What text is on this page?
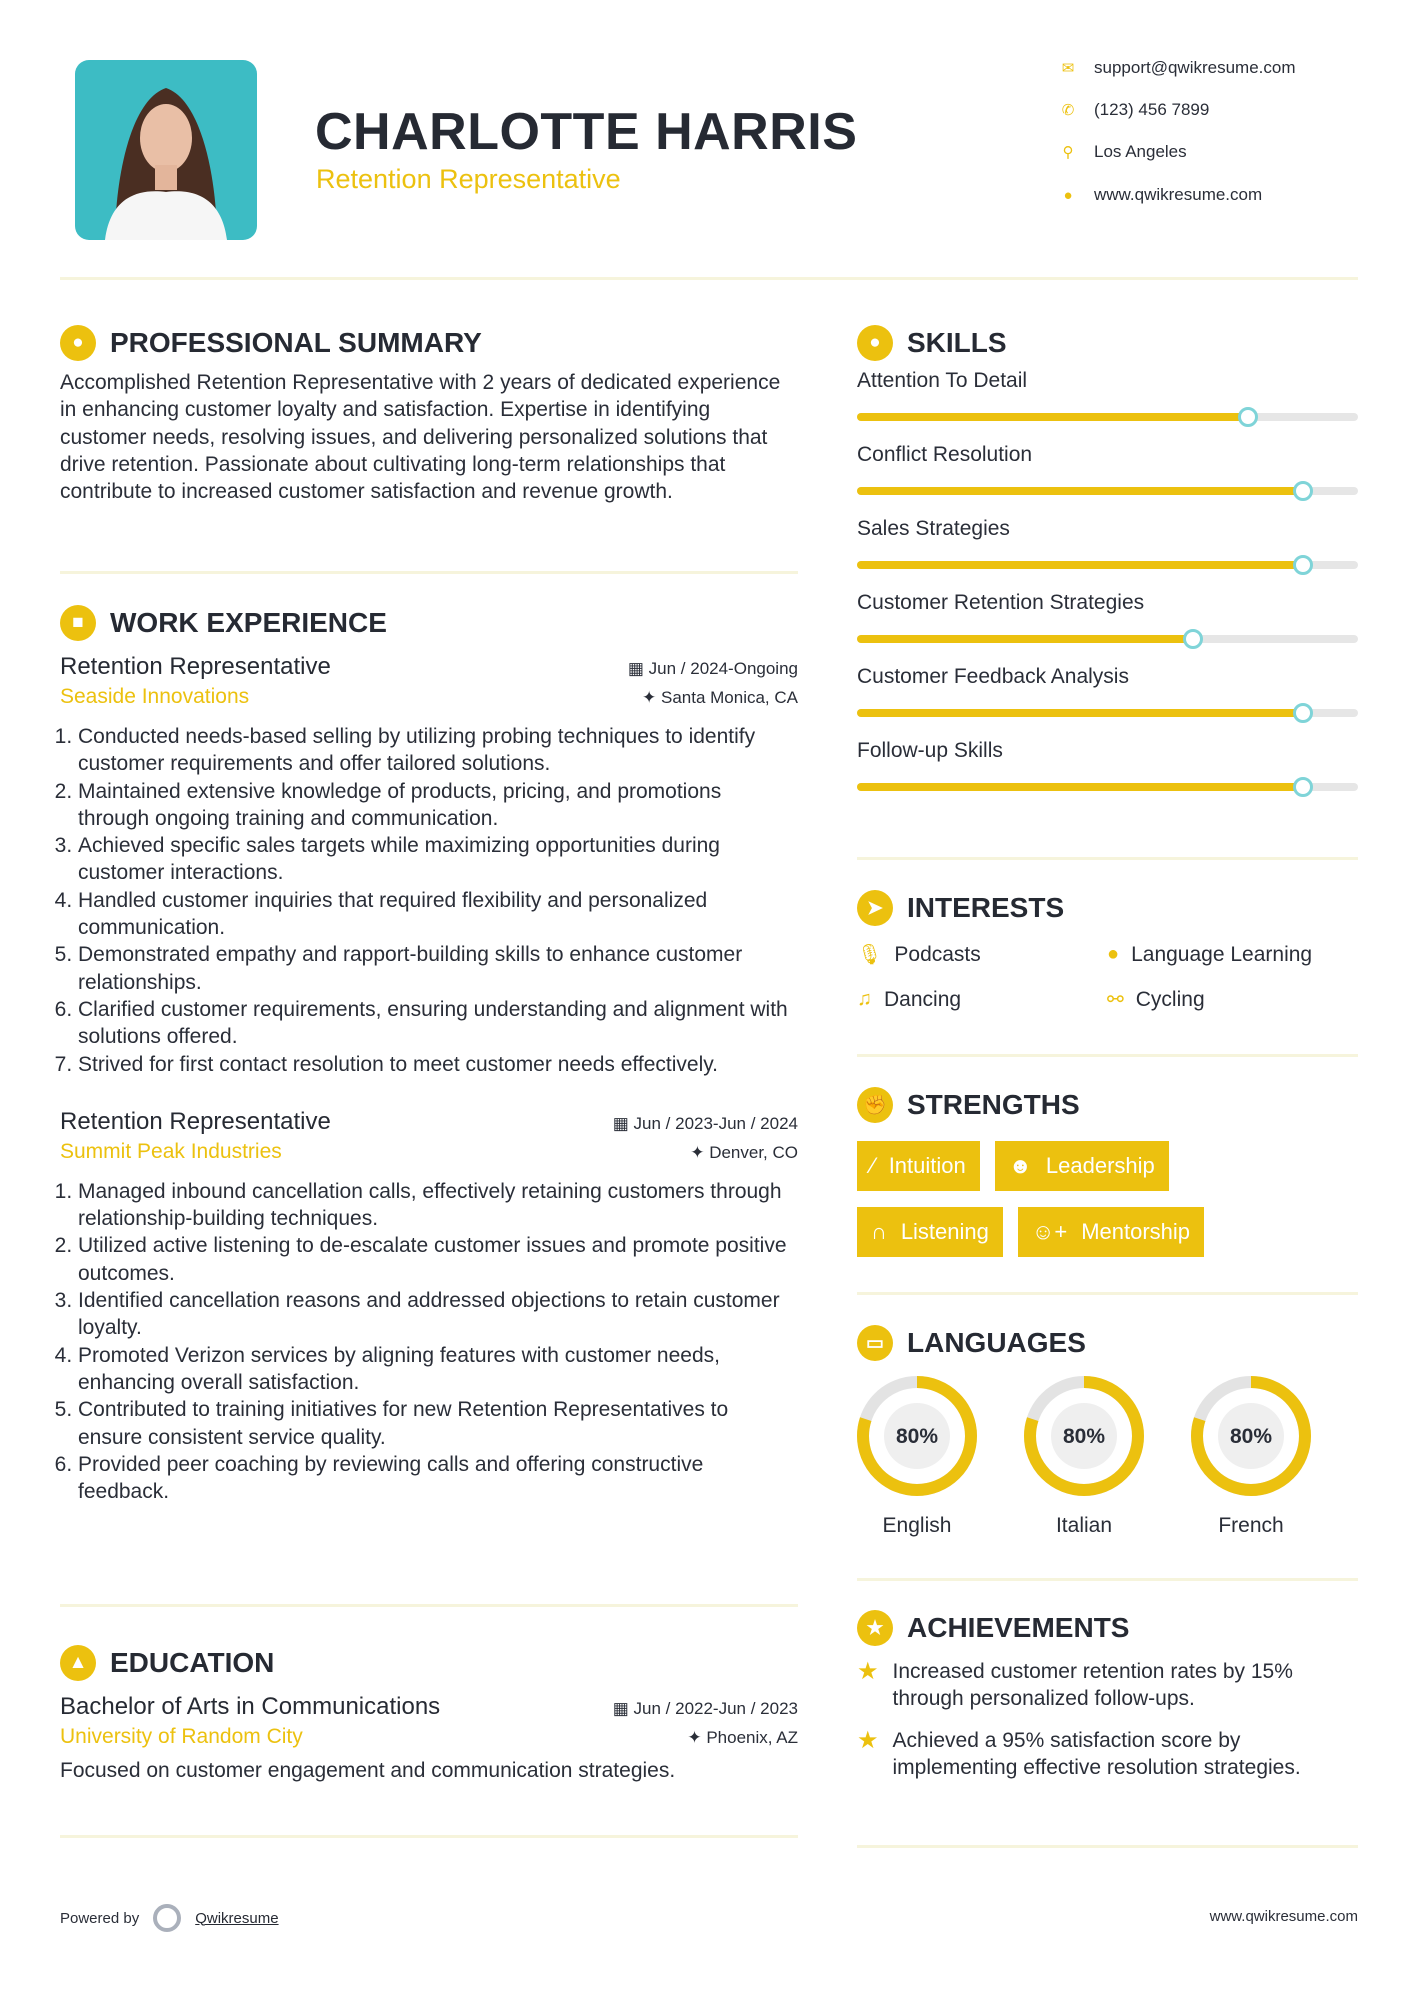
CHARLOTTE HARRIS
Retention Representative
✉ support@qwikresume.com
✆ (123) 456 7899
⚲ Los Angeles
● www.qwikresume.com
● PROFESSIONAL SUMMARY

Accomplished Retention Representative with 2 years of dedicated experience in enhancing customer loyalty and satisfaction. Expertise in identifying customer needs, resolving issues, and delivering personalized solutions that drive retention. Passionate about cultivating long-term relationships that contribute to increased customer satisfaction and revenue growth.

■ WORK EXPERIENCE
Retention Representative	▦ Jun / 2024-Ongoing
Seaside Innovations	✦ Santa Monica, CA
1. Conducted needs-based selling by utilizing probing techniques to identify customer requirements and offer tailored solutions.
2. Maintained extensive knowledge of products, pricing, and promotions through ongoing training and communication.
3. Achieved specific sales targets while maximizing opportunities during customer interactions.
4. Handled customer inquiries that required flexibility and personalized communication.
5. Demonstrated empathy and rapport-building skills to enhance customer relationships.
6. Clarified customer requirements, ensuring understanding and alignment with solutions offered.
7. Strived for first contact resolution to meet customer needs effectively.
Retention Representative	▦ Jun / 2023-Jun / 2024
Summit Peak Industries	✦ Denver, CO
1. Managed inbound cancellation calls, effectively retaining customers through relationship-building techniques.
2. Utilized active listening to de-escalate customer issues and promote positive outcomes.
3. Identified cancellation reasons and addressed objections to retain customer loyalty.
4. Promoted Verizon services by aligning features with customer needs, enhancing overall satisfaction.
5. Contributed to training initiatives for new Retention Representatives to ensure consistent service quality.
6. Provided peer coaching by reviewing calls and offering constructive feedback.
▲ EDUCATION
Bachelor of Arts in Communications	▦ Jun / 2022-Jun / 2023
University of Random City	✦ Phoenix, AZ

Focused on customer engagement and communication strategies.

● SKILLS
Attention To Detail
Conflict Resolution
Sales Strategies
Customer Retention Strategies
Customer Feedback Analysis
Follow-up Skills
➤ INTERESTS
🎙 Podcasts	● Language Learning
♫ Dancing	⚯ Cycling
✊ STRENGTHS
⁄ Intuition ☻ Leadership
∩ Listening ☺+ Mentorship
▭ LANGUAGES
80%
English
80%
Italian
80%
French
★ ACHIEVEMENTS
★ Increased customer retention rates by 15% through personalized follow-ups.
★ Achieved a 95% satisfaction score by implementing effective resolution strategies.
Powered by	Qwikresume	www.qwikresume.com
